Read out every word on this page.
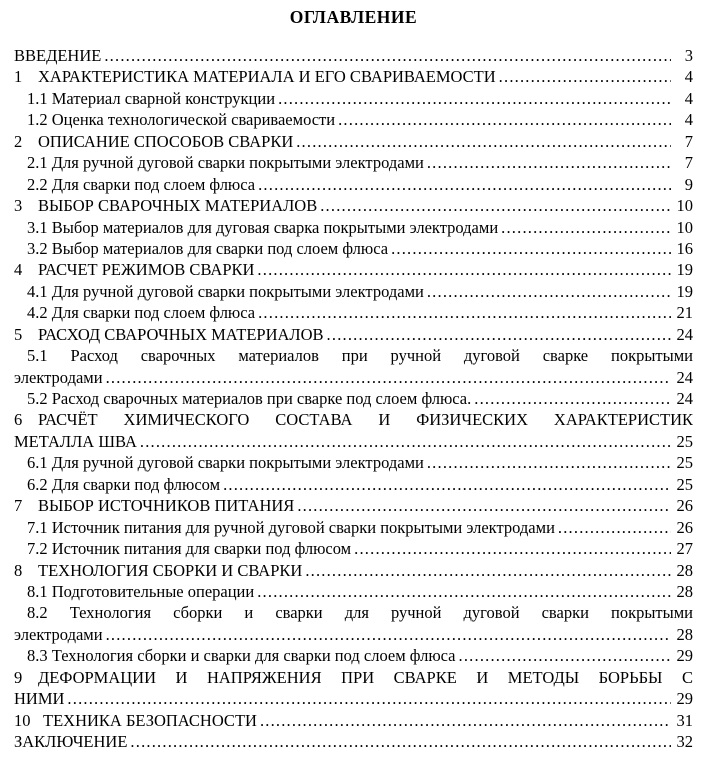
ОГЛАВЛЕНИЕ
ВВЕДЕНИЕ .....	3
1 ХАРАКТЕРИСТИКА МАТЕРИАЛА И ЕГО СВАРИВАЕМОСТИ .....	4
1.1 Материал сварной конструкции .....	4
1.2 Оценка технологической свариваемости .....	4
2 ОПИСАНИЕ СПОСОБОВ СВАРКИ .....	7
2.1 Для ручной дуговой сварки покрытыми электродами .....	7
2.2 Для сварки под слоем флюса .....	9
3 ВЫБОР СВАРОЧНЫХ МАТЕРИАЛОВ .....	10
3.1 Выбор материалов для дуговая сварка покрытыми электродами .....	10
3.2 Выбор материалов для сварки под слоем флюса .....	16
4 РАСЧЕТ РЕЖИМОВ СВАРКИ .....	19
4.1 Для ручной дуговой сварки покрытыми электродами .....	19
4.2 Для сварки под слоем флюса .....	21
5 РАСХОД СВАРОЧНЫХ МАТЕРИАЛОВ .....	24
5.1 Расход сварочных материалов при ручной дуговой сварке покрытыми
электродами .....	24
5.2 Расход сварочных материалов при сварке под слоем флюса. .....	24
6 РАСЧЁТ ХИМИЧЕСКОГО СОСТАВА И ФИЗИЧЕСКИХ ХАРАКТЕРИСТИК
МЕТАЛЛА ШВА .....	25
6.1 Для ручной дуговой сварки покрытыми электродами .....	25
6.2 Для сварки под флюсом .....	25
7 ВЫБОР ИСТОЧНИКОВ ПИТАНИЯ .....	26
7.1 Источник питания для ручной дуговой сварки покрытыми электродами .....	26
7.2 Источник питания для сварки под флюсом .....	27
8 ТЕХНОЛОГИЯ СБОРКИ И СВАРКИ .....	28
8.1 Подготовительные операции .....	28
8.2 Технология сборки и сварки для ручной дуговой сварки покрытыми
электродами .....	28
8.3 Технология сборки и сварки для сварки под слоем флюса .....	29
9 ДЕФОРМАЦИИ И НАПРЯЖЕНИЯ ПРИ СВАРКЕ И МЕТОДЫ БОРЬБЫ С
НИМИ .....	29
10 ТЕХНИКА БЕЗОПАСНОСТИ .....	31
ЗАКЛЮЧЕНИЕ .....	32
